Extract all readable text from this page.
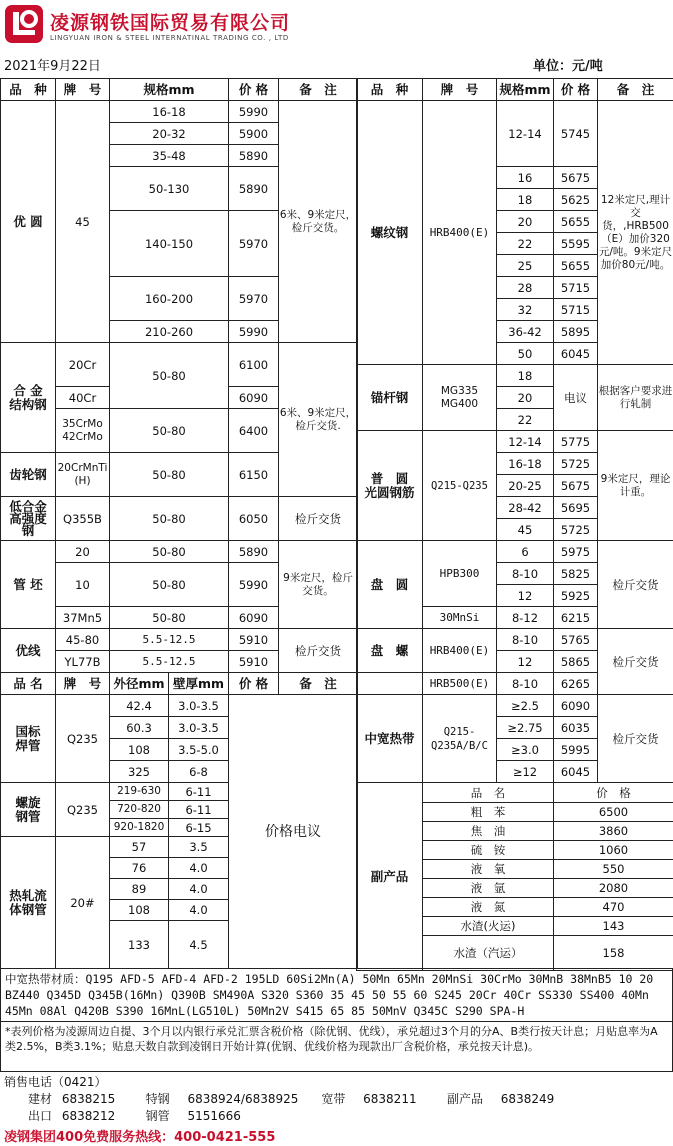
凌源钢铁国际贸易有限公司
LINGYUAN IRON & STEEL INTERNATINAL TRADING CO. , LTD
2021年9月22日	单位：元/吨
品　种	牌　号	规格mm	价 格	备　注
优 圆	45	16-18	5990	6米、9米定尺，检斤交货。
		20-32	5900	
		35-48	5890	
		50-130	5890	
		140-150	5970	
		160-200	5970	
		210-260	5990	
合 金
结构钢	20Cr	50-80	6100	6米、9米定尺，检斤交货.
	40Cr		6090	
	35CrMo
42CrMo	50-80	6400	
齿轮钢	20CrMnTi
(H)	50-80	6150	
低合金
高强度
钢	Q355B	50-80	6050	检斤交货
管 坯	20	50-80	5890	9米定尺，检斤交货。
	10	50-80	5990	
	37Mn5	50-80	6090	
优线	45-80	5.5-12.5	5910	检斤交货
	YL77B	5.5-12.5	5910	
品 名	牌　号	外径mm	壁厚mm	价 格	备　注
国标
焊管	Q235	42.4	3.0-3.5	价格电议	
		60.3	3.0-3.5		
		108	3.5-5.0		
		325	6-8		
螺旋
钢管	Q235	219-630	6-11		
		720-820	6-11		
		920-1820	6-15		
热轧流
体钢管	20#	57	3.5		
		76	4.0		
		89	4.0		
		108	4.0		
		133	4.5		
品　种	牌　号	规格mm	价 格	备　注
螺纹钢	HRB400(E)	12-14	5745	12米定尺,理计交货，,HRB500（E）加价320元/吨。9米定尺加价80元/吨。
		16	5675	
		18	5625	
		20	5655	
		22	5595	
		25	5655	
		28	5715	
		32	5715	
		36-42	5895	
		50	6045	
锚杆钢	MG335
MG400	18	电议	根据客户要求进行轧制
		20		
		22		
普　圆
光圆钢筋	Q215-Q235	12-14	5775	9米定尺，理论计重。
		16-18	5725	
		20-25	5675	
		28-42	5695	
		45	5725	
盘　圆	HPB300	6	5975	检斤交货
		8-10	5825	
		12	5925	
	30MnSi	8-12	6215	
盘　螺	HRB400(E)	8-10	5765	检斤交货
		12	5865	
	HRB500(E)	8-10	6265	
中宽热带	Q215-
Q235A/B/C	≥2.5	6090	检斤交货
		≥2.75	6035	
		≥3.0	5995	
		≥12	6045	
副产品	品　名	价　格
	粗　苯	6500
	焦　油	3860
	硫　铵	1060
	液　氧	550
	液　氩	2080
	液　氮	470
	水渣(火运)	143
	水渣（汽运）	158
中宽热带材质：Q195 AFD-5 AFD-4 AFD-2 195LD 60Si2Mn(A) 50Mn 65Mn 20MnSi 30CrMo 30MnB 38MnB5 10 20 BZ440 Q345D Q345B(16Mn) Q390B SM490A S320 S360 35 45 50 55 60 S245 20Cr 40Cr SS330 SS400 40Mn 45Mn 08Al Q420B S390 16MnL(LG510L) 50Mn2V S415 65 85 50MnV Q345C S290 SPA-H
*表列价格为凌源周边自提、3个月以内银行承兑汇票含税价格（除优钢、优线），承兑超过3个月的分A、B类行按天计息；月贴息率为A类2.5%，B类3.1%；贴息天数自款到凌钢日开始计算(优钢、优线价格为现款出厂含税价格，承兑按天计息)。
销售电话（0421）
建材 6838215	特钢 6838924/6838925 宽带 6838211	副产品 6838249
出口 6838212	钢管 5151666
凌钢集团400免费服务热线：400-0421-555
